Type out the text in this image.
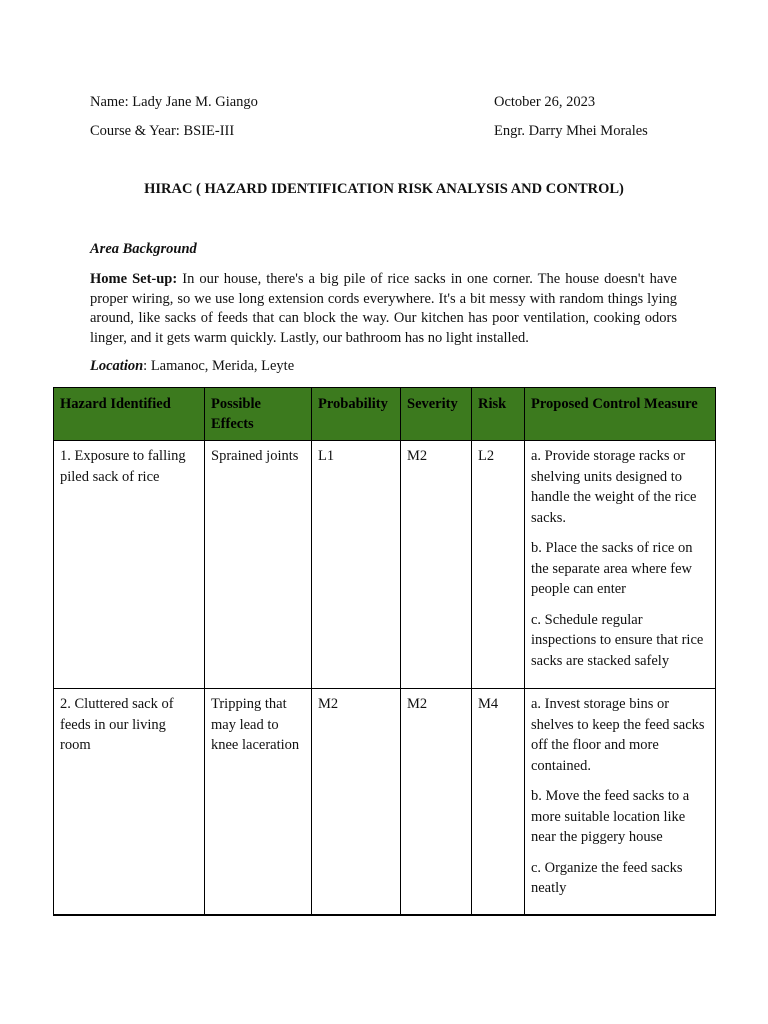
Name: Lady Jane M. Giango	October 26, 2023
Course & Year: BSIE-III	Engr. Darry Mhei Morales
HIRAC ( HAZARD IDENTIFICATION RISK ANALYSIS AND CONTROL)
Area Background
Home Set-up: In our house, there's a big pile of rice sacks in one corner. The house doesn't have proper wiring, so we use long extension cords everywhere. It's a bit messy with random things lying around, like sacks of feeds that can block the way. Our kitchen has poor ventilation, cooking odors linger, and it gets warm quickly. Lastly, our bathroom has no light installed.
Location: Lamanoc, Merida, Leyte
Hazard Identified	Possible Effects	Probability	Severity	Risk	Proposed Control Measure
1. Exposure to falling piled sack of rice	Sprained joints	L1	M2	L2	a. Provide storage racks or shelving units designed to handle the weight of the rice sacks.

b. Place the sacks of rice on the separate area where few people can enter

c. Schedule regular inspections to ensure that rice sacks are stacked safely

2. Cluttered sack of feeds in our living room	Tripping that may lead to knee laceration	M2	M2	M4	a. Invest storage bins or shelves to keep the feed sacks off the floor and more contained.

b. Move the feed sacks to a more suitable location like near the piggery house

c. Organize the feed sacks neatly
